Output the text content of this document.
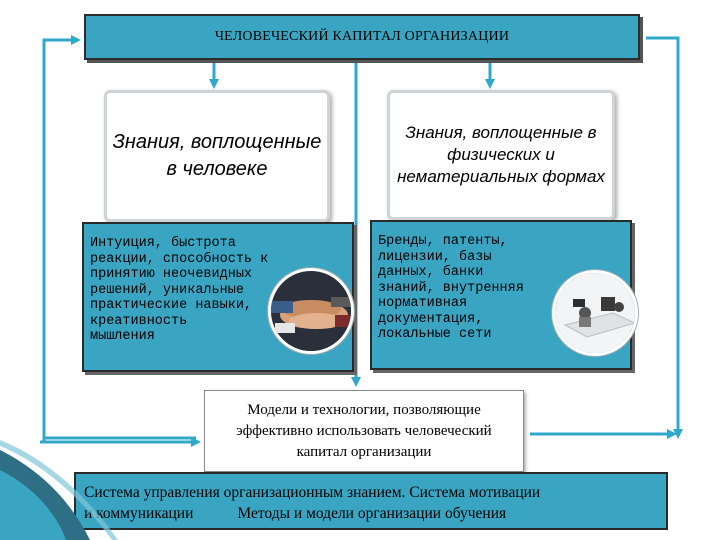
ЧЕЛОВЕЧЕСКИЙ КАПИТАЛ ОРГАНИЗАЦИИ
Знания, воплощенные в человеке
Знания, воплощенные в физических и нематериальных формах
Интуиция, быстрота
реакции, способность к
принятию неочевидных
решений, уникальные
практические навыки,
креативность
мышления
Бренды, патенты,
лицензии, базы
данных, банки
знаний, внутренняя
нормативная
документация,
локальные сети
Модели и технологии, позволяющие эффективно использовать человеческий капитал организации
Система управления организационным знанием. Система мотивации
и коммуникации	Методы и модели организации обучения
